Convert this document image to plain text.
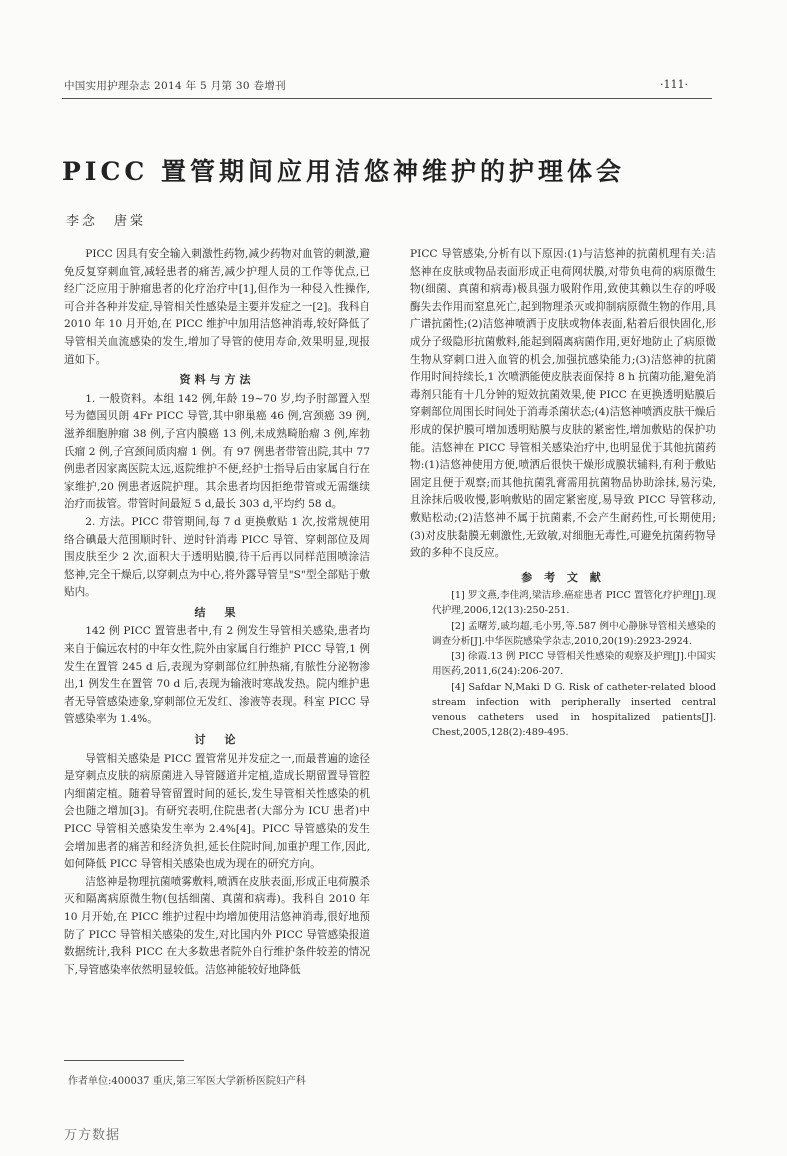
中国实用护理杂志 2014 年 5 月第 30 卷增刊	·111·
PICC 置管期间应用洁悠神维护的护理体会
李念　唐棠

PICC 因具有安全输入刺激性药物,减少药物对血管的刺激,避免反复穿刺血管,减轻患者的痛苦,减少护理人员的工作等优点,已经广泛应用于肿瘤患者的化疗治疗中[1],但作为一种侵入性操作,可合并各种并发症,导管相关性感染是主要并发症之一[2]。我科自 2010 年 10 月开始,在 PICC 维护中加用洁悠神消毒,较好降低了导管相关血流感染的发生,增加了导管的使用寿命,效果明显,现报道如下。

资料与方法

1. 一般资料。本组 142 例,年龄 19~70 岁,均予肘部置入型号为德国贝朗 4Fr PICC 导管,其中卵巢癌 46 例,宫颈癌 39 例,滋养细胞肿瘤 38 例,子宫内膜癌 13 例,未成熟畸胎瘤 3 例,库勃氏瘤 2 例,子宫颈间质肉瘤 1 例。有 97 例患者带管出院,其中 77 例患者因家离医院太远,返院维护不便,经护士指导后由家属自行在家维护,20 例患者返院护理。其余患者均因拒绝带管或无需继续治疗而拔管。带管时间最短 5 d,最长 303 d,平均约 58 d。

2. 方法。PICC 带管期间,每 7 d 更换敷贴 1 次,按常规使用络合碘最大范围顺时针、逆时针消毒 PICC 导管、穿刺部位及周围皮肤至少 2 次,面积大于透明贴膜,待干后再以同样范围喷涂洁悠神,完全干燥后,以穿刺点为中心,将外露导管呈"S"型全部贴于敷贴内。

结　果

142 例 PICC 置管患者中,有 2 例发生导管相关感染,患者均来自于偏远农村的中年女性,院外由家属自行维护 PICC 导管,1 例发生在置管 245 d 后,表现为穿刺部位红肿热痛,有脓性分泌物渗出,1 例发生在置管 70 d 后,表现为输液时寒战发热。院内维护患者无导管感染迹象,穿刺部位无发红、渗液等表现。科室 PICC 导管感染率为 1.4%。

讨　论

导管相关感染是 PICC 置管常见并发症之一,而最普遍的途径是穿刺点皮肤的病原菌进入导管隧道并定植,造成长期留置导管腔内细菌定植。随着导管留置时间的延长,发生导管相关性感染的机会也随之增加[3]。有研究表明,住院患者(大部分为 ICU 患者)中 PICC 导管相关感染发生率为 2.4%[4]。PICC 导管感染的发生会增加患者的痛苦和经济负担,延长住院时间,加重护理工作,因此,如何降低 PICC 导管相关感染也成为现在的研究方向。

洁悠神是物理抗菌喷雾敷料,喷洒在皮肤表面,形成正电荷膜杀灭和隔离病原微生物(包括细菌、真菌和病毒)。我科自 2010 年 10 月开始,在 PICC 维护过程中均增加使用洁悠神消毒,很好地预防了 PICC 导管相关感染的发生,对比国内外 PICC 导管感染报道数据统计,我科 PICC 在大多数患者院外自行维护条件较差的情况下,导管感染率依然明显较低。洁悠神能较好地降低

PICC 导管感染,分析有以下原因:(1)与洁悠神的抗菌机理有关:洁悠神在皮肤或物品表面形成正电荷网状膜,对带负电荷的病原微生物(细菌、真菌和病毒)极具强力吸附作用,致使其赖以生存的呼吸酶失去作用而窒息死亡,起到物理杀灭或抑制病原微生物的作用,具广谱抗菌性;(2)洁悠神喷洒于皮肤或物体表面,粘着后很快固化,形成分子级隐形抗菌敷料,能起到隔离病菌作用,更好地防止了病原微生物从穿刺口进入血管的机会,加强抗感染能力;(3)洁悠神的抗菌作用时间持续长,1 次喷洒能使皮肤表面保持 8 h 抗菌功能,避免消毒剂只能有十几分钟的短效抗菌效果,使 PICC 在更换透明贴膜后穿刺部位周围长时间处于消毒杀菌状态;(4)洁悠神喷洒皮肤干燥后形成的保护膜可增加透明贴膜与皮肤的紧密性,增加敷贴的保护功能。洁悠神在 PICC 导管相关感染治疗中,也明显优于其他抗菌药物:(1)洁悠神使用方便,喷洒后很快干燥形成膜状辅料,有利于敷贴固定且便于观察;而其他抗菌乳膏需用抗菌物品协助涂抹,易污染,且涂抹后吸收慢,影响敷贴的固定紧密度,易导致 PICC 导管移动,敷贴松动;(2)洁悠神不属于抗菌素,不会产生耐药性,可长期使用;(3)对皮肤黏膜无刺激性,无致敏,对细胞无毒性,可避免抗菌药物导致的多种不良反应。

参 考 文 献

[1] 罗文燕,李佳鸿,梁洁珍.癌症患者 PICC 置管化疗护理[J].现代护理,2006,12(13):250-251.

[2] 孟曙芳,戚均超,毛小男,等.587 例中心静脉导管相关感染的调查分析[J].中华医院感染学杂志,2010,20(19):2923-2924.

[3] 徐霞.13 例 PICC 导管相关性感染的观察及护理[J].中国实用医药,2011,6(24):206-207.

[4] Safdar N,Maki D G. Risk of catheter-related blood stream infection with peripherally inserted central venous catheters used in hospitalized patients[J]. Chest,2005,128(2):489-495.

作者单位:400037 重庆,第三军医大学新桥医院妇产科
万方数据
